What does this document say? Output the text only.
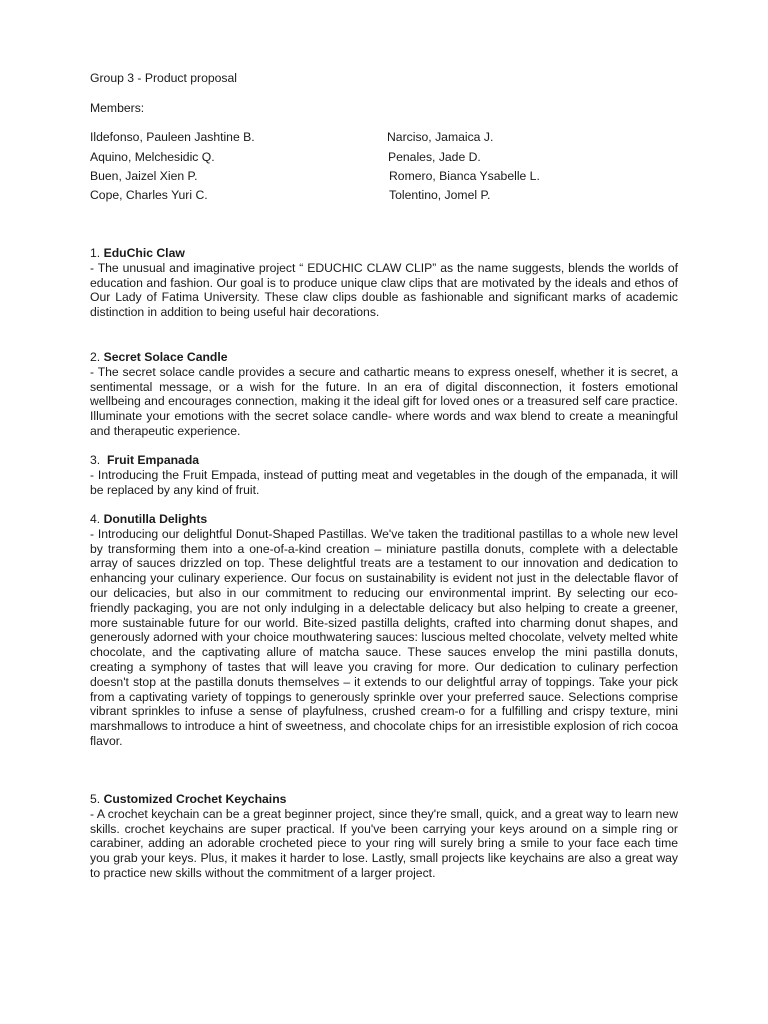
Group 3 - Product proposal

Members:
Ildefonso, Pauleen Jashtine B.	Narciso, Jamaica J.
Aquino, Melchesidic Q.	Penales, Jade D.
Buen, Jaizel Xien P.	Romero, Bianca Ysabelle L.
Cope, Charles Yuri C.	Tolentino, Jomel P.

1. EduChic Claw

- The unusual and imaginative project “ EDUCHIC CLAW CLIP” as the name suggests, blends the worlds of education and fashion. Our goal is to produce unique claw clips that are motivated by the ideals and ethos of Our Lady of Fatima University. These claw clips double as fashionable and significant marks of academic distinction in addition to being useful hair decorations.

2. Secret Solace Candle

- The secret solace candle provides a secure and cathartic means to express oneself, whether it is secret, a sentimental message, or a wish for the future. In an era of digital disconnection, it fosters emotional wellbeing and encourages connection, making it the ideal gift for loved ones or a treasured self care practice. Illuminate your emotions with the secret solace candle- where words and wax blend to create a meaningful and therapeutic experience.

3. Fruit Empanada

- Introducing the Fruit Empada, instead of putting meat and vegetables in the dough of the empanada, it will be replaced by any kind of fruit.

4. Donutilla Delights

- Introducing our delightful Donut-Shaped Pastillas. We've taken the traditional pastillas to a whole new level by transforming them into a one-of-a-kind creation – miniature pastilla donuts, complete with a delectable array of sauces drizzled on top. These delightful treats are a testament to our innovation and dedication to enhancing your culinary experience. Our focus on sustainability is evident not just in the delectable flavor of our delicacies, but also in our commitment to reducing our environmental imprint. By selecting our eco-friendly packaging, you are not only indulging in a delectable delicacy but also helping to create a greener, more sustainable future for our world. Bite-sized pastilla delights, crafted into charming donut shapes, and generously adorned with your choice mouthwatering sauces: luscious melted chocolate, velvety melted white chocolate, and the captivating allure of matcha sauce. These sauces envelop the mini pastilla donuts, creating a symphony of tastes that will leave you craving for more. Our dedication to culinary perfection doesn't stop at the pastilla donuts themselves – it extends to our delightful array of toppings. Take your pick from a captivating variety of toppings to generously sprinkle over your preferred sauce. Selections comprise vibrant sprinkles to infuse a sense of playfulness, crushed cream-o for a fulfilling and crispy texture, mini marshmallows to introduce a hint of sweetness, and chocolate chips for an irresistible explosion of rich cocoa flavor.

5. Customized Crochet Keychains

- A crochet keychain can be a great beginner project, since they're small, quick, and a great way to learn new skills. crochet keychains are super practical. If you've been carrying your keys around on a simple ring or carabiner, adding an adorable crocheted piece to your ring will surely bring a smile to your face each time you grab your keys. Plus, it makes it harder to lose. Lastly, small projects like keychains are also a great way to practice new skills without the commitment of a larger project.
